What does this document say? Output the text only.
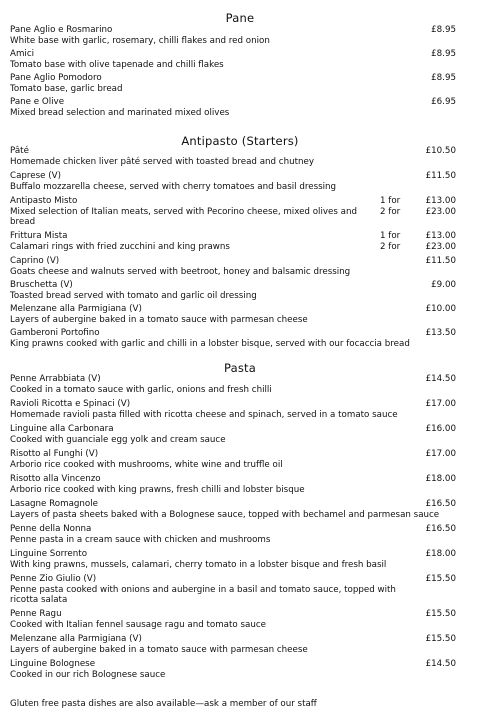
Pane
Pane Aglio e Rosmarino
White base with garlic, rosemary, chilli flakes and red onion
£8.95
Amici
Tomato base with olive tapenade and chilli flakes
£8.95
Pane Aglio Pomodoro
Tomato base, garlic bread
£8.95
Pane e Olive
Mixed bread selection and marinated mixed olives
£6.95
Antipasto (Starters)
Pâté
Homemade chicken liver pâté served with toasted bread and chutney
£10.50
Caprese (V)
Buffalo mozzarella cheese, served with cherry tomatoes and basil dressing
£11.50
Antipasto Misto
Mixed selection of Italian meats, served with Pecorino cheese, mixed olives and bread
1 for	£13.00
2 for	£23.00
Frittura Mista
Calamari rings with fried zucchini and king prawns
1 for	£13.00
2 for	£23.00
Caprino (V)
Goats cheese and walnuts served with beetroot, honey and balsamic dressing
£11.50
Bruschetta (V)
Toasted bread served with tomato and garlic oil dressing
£9.00
Melenzane alla Parmigiana (V)
Layers of aubergine baked in a tomato sauce with parmesan cheese
£10.00
Gamberoni Portofino
King prawns cooked with garlic and chilli in a lobster bisque, served with our focaccia bread
£13.50
Pasta
Penne Arrabbiata (V)
Cooked in a tomato sauce with garlic, onions and fresh chilli
£14.50
Ravioli Ricotta e Spinaci (V)
Homemade ravioli pasta filled with ricotta cheese and spinach, served in a tomato sauce
£17.00
Linguine alla Carbonara
Cooked with guanciale egg yolk and cream sauce
£16.00
Risotto al Funghi (V)
Arborio rice cooked with mushrooms, white wine and truffle oil
£17.00
Risotto alla Vincenzo
Arborio rice cooked with king prawns, fresh chilli and lobster bisque
£18.00
Lasagne Romagnole
Layers of pasta sheets baked with a Bolognese sauce, topped with bechamel and parmesan sauce
£16.50
Penne della Nonna
Penne pasta in a cream sauce with chicken and mushrooms
£16.50
Linguine Sorrento
With king prawns, mussels, calamari, cherry tomato in a lobster bisque and fresh basil
£18.00
Penne Zio Giulio (V)
Penne pasta cooked with onions and aubergine in a basil and tomato sauce, topped with ricotta salata
£15.50
Penne Ragu
Cooked with Italian fennel sausage ragu and tomato sauce
£15.50
Melenzane alla Parmigiana (V)
Layers of aubergine baked in a tomato sauce with parmesan cheese
£15.50
Linguine Bolognese
Cooked in our rich Bolognese sauce
£14.50
Gluten free pasta dishes are also available—ask a member of our staff
